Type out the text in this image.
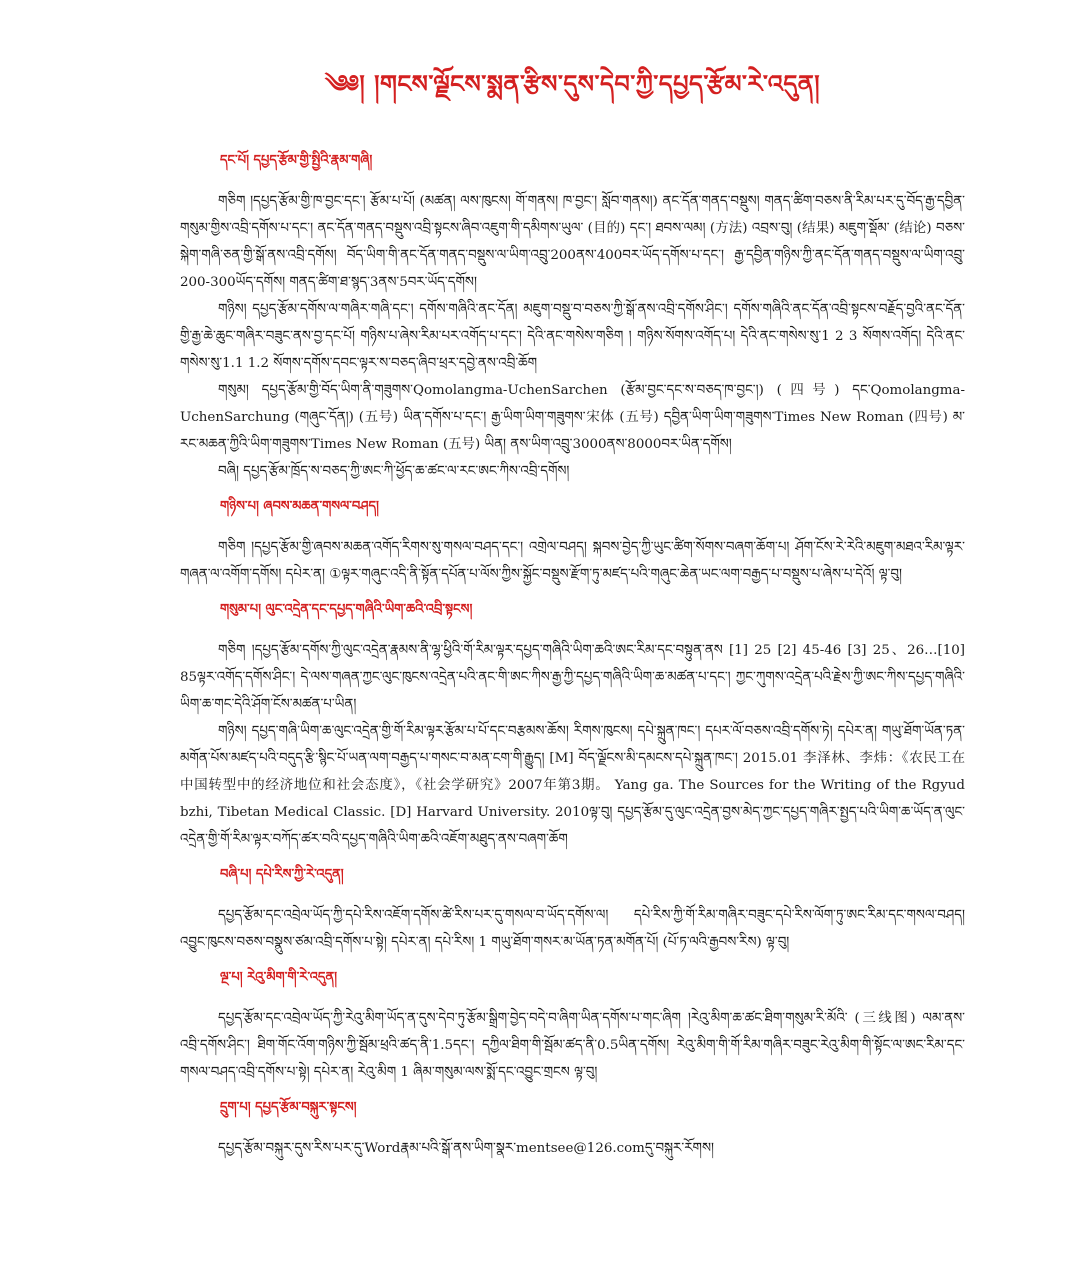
༄༅། །གངས་ལྗོངས་སྨན་རྩིས་དུས་དེབ་ཀྱི་དཔྱད་རྩོམ་རེ་འདུན།
དང་པོ། དཔྱད་རྩོམ་གྱི་སྤྱིའི་རྣམ་གཞི།

གཅིག །དཔྱད་རྩོམ་གྱི་ཁ་བྱང་དང་། རྩོམ་པ་པོ། (མཚན། ལས་ཁུངས། གོ་གནས། ཁ་བྱང་། སློབ་གནས།) ནང་དོན་གནད་བསྡུས། གནད་ཚིག་བཅས་ནི་རིམ་པར་དུ་བོད་རྒྱ་དབྱིན་གསུམ་གྱིས་འབྲི་དགོས་པ་དང་། ནང་དོན་གནད་བསྡུས་འབྲི་སྟངས་ཞིབ་འཇུག་གི་དམིགས་ཡུལ་ (目的) དང་། ཐབས་ལམ། (方法) འབྲས་བུ། (结果) མཇུག་སྡོམ་ (结论) བཅས་སྐེག་གཞི་ཅན་གྱི་སྒོ་ནས་འབྲི་དགོས། བོད་ཡིག་གི་ནང་དོན་གནད་བསྡུས་ལ་ཡིག་འབྲུ་200ནས་400བར་ཡོད་དགོས་པ་དང་། རྒྱ་དབྱིན་གཉིས་ཀྱི་ནང་དོན་གནད་བསྡུས་ལ་ཡིག་འབྲུ་200-300ཡོད་དགོས། གནད་ཚིག་ཐ་སྙད་3ནས་5བར་ཡོད་དགོས།

གཉིས། དཔྱད་རྩོམ་དགོས་ལ་གཞིར་གཞི་དང་། དགོས་གཞིའི་ནང་དོན། མཇུག་བསྡུ་བ་བཅས་ཀྱི་སྒོ་ནས་འབྲི་དགོས་ཤིང་། དགོས་གཞིའི་ནང་དོན་འབྲི་སྟངས་བརྗོད་བྱའི་ནང་དོན་གྱི་རྒྱ་ཆེ་ཆུང་གཞིར་བཟུང་ནས་བྱ་དང་པོ། གཉིས་པ་ཞེས་རིམ་པར་འགོད་པ་དང་། དེའི་ནང་གསེས་གཅིག ། གཉིས་སོགས་འགོད་པ། དེའི་ནང་གསེས་སུ་1 2 3 སོགས་འགོད། དེའི་ནང་གསེས་སུ་1.1 1.2 སོགས་དགོས་དབང་ལྟར་ས་བཅད་ཞིབ་ཕྲར་དབྱེ་ནས་འབྲི་ཆོག

གསུམ། དཔྱད་རྩོམ་གྱི་བོད་ཡིག་ནི་གཟུགས་Qomolangma-UchenSarchen (རྩོམ་བྱང་དང་ས་བཅད་ཁ་བྱང་།) (四号) དང་Qomolangma-UchenSarchung (གཞུང་དོན།) (五号) ཡིན་དགོས་པ་དང་། རྒྱ་ཡིག་ཡིག་གཟུགས་宋体 (五号) དབྱིན་ཡིག་ཡིག་གཟུགས་Times New Roman (四号) མ་རང་མཆན་ཀྱིའི་ཡིག་གཟུགས་Times New Roman (五号) ཡིན། ནས་ཡིག་འབྲུ་3000ནས་8000བར་ཡིན་དགོས།

བཞི། དཔྱད་རྩོམ་ཁྲོད་ས་བཅད་ཀྱི་ཨང་ཀི་ཕྱོད་ཆ་ཚང་ལ་རང་ཨང་ཀིས་འབྲི་དགོས།

གཉིས་པ། ཞབས་མཆན་གསལ་བཤད།

གཅིག །དཔྱད་རྩོམ་གྱི་ཞབས་མཆན་འགོད་རིགས་སུ་གསལ་བཤད་དང་། འགྲེལ་བཤད། སྐབས་བྱེད་ཀྱི་ཡུང་ཚིག་སོགས་བཞག་ཆོག་པ། ཤོག་ངོས་རེ་རེའི་མཇུག་མཐའ་རིམ་ལྟར་གཞན་ལ་འགོག་དགོས། དཔེར་ན། ①ལྟར་གཞུང་འདི་ནི་སྟོན་དཔོན་པ་ལོས་ཀྱིས་སྐྱོང་བསྡུས་རྫོག་ཏུ་མཛད་པའི་གཞུང་ཆེན་ཡང་ལག་བརྒྱད་པ་བསྡུས་པ་ཞེས་པ་དེའོ། ལྟ་བུ།

གསུམ་པ། ལུང་འདྲེན་དང་དཔྱད་གཞིའི་ཡིག་ཆའི་འབྲི་སྟངས།

གཅིག །དཔྱད་རྩོམ་དགོས་ཀྱི་ལུང་འདྲེན་རྣམས་ནི་ལྷ་ཕྱིའི་གོ་རིམ་ལྟར་དཔྱད་གཞིའི་ཡིག་ཆའི་ཨང་རིམ་དང་བསྟུན་ནས [1] 25 [2] 45-46 [3] 25、26…[10] 85ལྟར་འགོད་དགོས་ཤིང་། དེ་ལས་གཞན་ཀྱང་ལུང་ཁུངས་འདྲེན་པའི་ནང་གི་ཨང་ཀིས་རྒྱ་ཀྱི་དཔྱད་གཞིའི་ཡིག་ཆ་མཚན་པ་དང་། ཀྱང་ཀུགས་འདྲེན་པའི་རྗེས་ཀྱི་ཨང་ཀིས་དཔྱད་གཞིའི་ཡིག་ཆ་གང་དེའི་ཤོག་ངོས་མཚན་པ་ཡིན།

གཉིས། དཔྱད་གཞི་ཡིག་ཆ་ལུང་འདྲེན་གྱི་གོ་རིམ་ལྟར་རྩོམ་པ་པོ་དང་བརྩམས་ཆོས། རིགས་ཁུངས། དཔེ་སྐྲུན་ཁང་། དཔར་ལོ་བཅས་འབྲི་དགོས་ཏེ། དཔེར་ན། གཡུ་ཐོག་ཡོན་ཏན་མགོན་པོས་མཛད་པའི་བདུད་རྩི་སྙིང་པོ་ཡན་ལག་བརྒྱད་པ་གསང་བ་མན་ངག་གི་རྒྱུད། [M] བོད་ལྗོངས་མི་དམངས་དཔེ་སྐྲུན་ཁང་། 2015.01 李泽林、李炜：《农民工在中国转型中的经济地位和社会态度》，《社会学研究》2007年第3期。 Yang ga. The Sources for the Writing of the Rgyud bzhi, Tibetan Medical Classic. [D] Harvard University. 2010ལྟ་བུ། དཔྱད་རྩོམ་དུ་ལུང་འདྲེན་བྱས་མེད་ཀྱང་དཔྱད་གཞིར་སྤྱད་པའི་ཡིག་ཆ་ཡོད་ན་ལུང་འདྲེན་གྱི་གོ་རིམ་ལྟར་བཀོད་ཚར་བའི་དཔྱད་གཞིའི་ཡིག་ཆའི་འཇོག་མཐུད་ནས་བཞག་ཆོག

བཞི་པ། དཔེ་རིས་ཀྱི་རེ་འདུན།

དཔྱད་རྩོམ་དང་འབྲེལ་ཡོད་ཀྱི་དཔེ་རིས་འཇོག་དགོས་ཚེ་རིས་པར་དུ་གསལ་བ་ཡོད་དགོས་ལ། དཔེ་རིས་ཀྱི་གོ་རིམ་གཞིར་བཟུང་དཔེ་རིས་ལོག་ཏུ་ཨང་རིམ་དང་གསལ་བཤད། འབྱུང་ཁུངས་བཅས་བསྣུས་ཙམ་འབྲི་དགོས་པ་སྟེ། དཔེར་ན། དཔེ་རིས། 1 གཡུ་ཐོག་གསར་མ་ཡོན་ཏན་མགོན་པོ། (པོ་ཏ་ལའི་རྒྱབས་རིས) ལྟ་བུ།

ལྔ་པ། རེའུ་མིག་གི་རེ་འདུན།

དཔྱད་རྩོམ་དང་འབྲེལ་ཡོད་ཀྱི་རེའུ་མིག་ཡོད་ན་དུས་དེབ་ཏུ་རྩོམ་སྒྲིག་བྱེད་བདེ་བ་ཞིག་ཡིན་དགོས་པ་གང་ཞིག །རེའུ་མིག་ཆ་ཚང་ཐིག་གསུམ་རི་མོའི་ (三线图) ལམ་ནས་འབྲི་དགོས་ཤིང་། ཐིག་གོང་འོག་གཉིས་ཀྱི་སྦོམ་ཕྲའི་ཚད་ནི་1.5དང་། དཀྱིལ་ཐིག་གི་སྦོམ་ཚད་ནི་0.5ཡིན་དགོས། རེའུ་མིག་གི་གོ་རིམ་གཞིར་བཟུང་རེའུ་མིག་གི་སྟོང་ལ་ཨང་རིམ་དང་གསལ་བཤད་འབྲི་དགོས་པ་སྟེ། དཔེར་ན། རེའུ་མིག 1 ཞིམ་གསུམ་ལས་སྨོ་དང་འབྱུང་གྲངས ལྟ་བུ།

དྲུག་པ། དཔྱད་རྩོམ་བསྐུར་སྟངས།

དཔྱད་རྩོམ་བསྐུར་དུས་རིས་པར་དུ་Wordརྣམ་པའི་སྒོ་ནས་ཡིག་སྣར་mentsee@126.comདུ་བསྐུར་རོགས།
